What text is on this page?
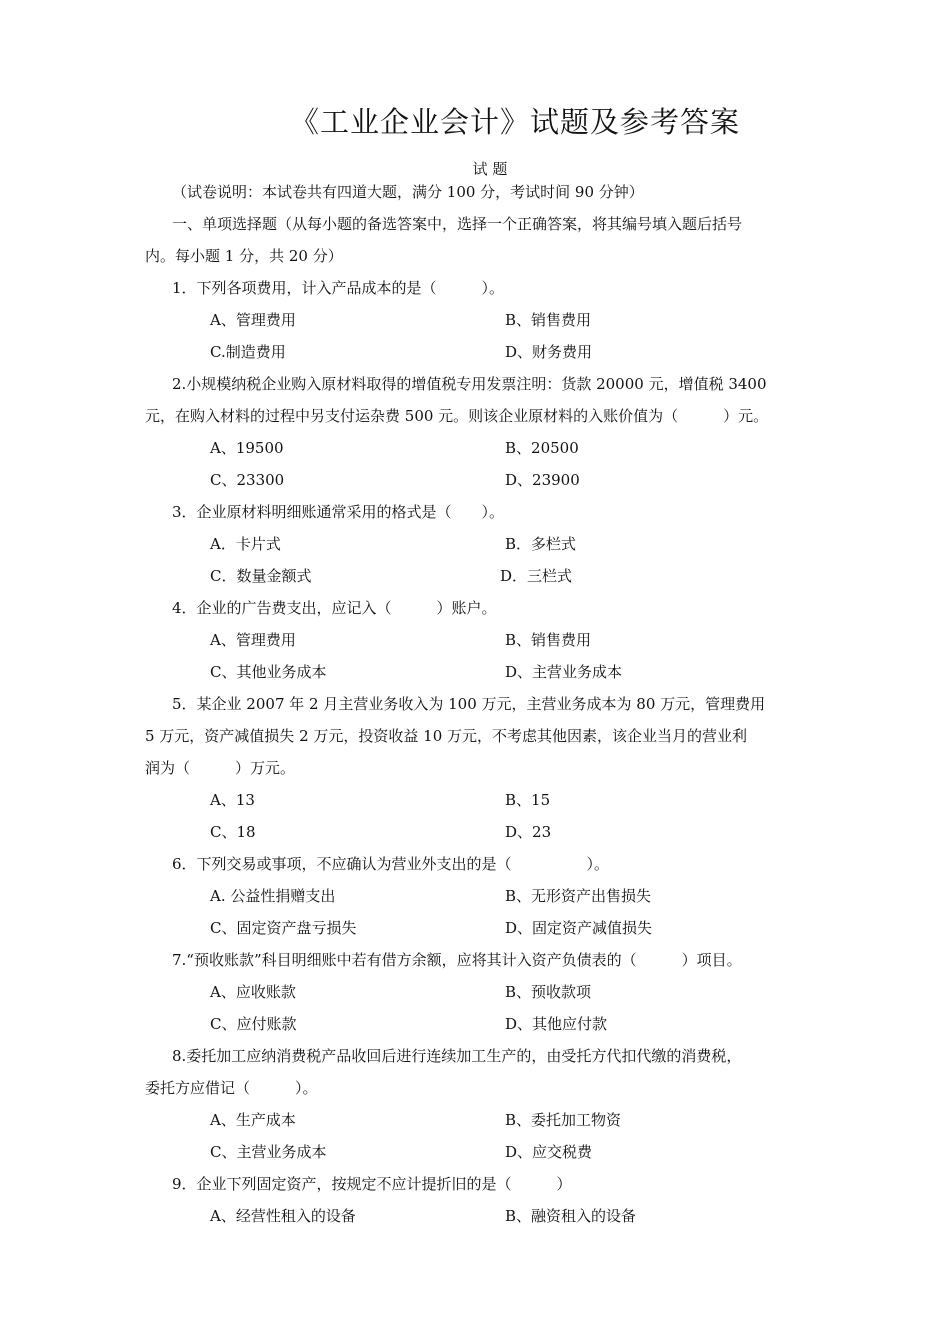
《工业企业会计》试题及参考答案
试 题
（试卷说明：本试卷共有四道大题，满分 100 分，考试时间 90 分钟）
一、单项选择题（从每小题的备选答案中，选择一个正确答案，将其编号填入题后括号
内。每小题 1 分，共 20 分）
1．下列各项费用，计入产品成本的是（　　　）。
A、管理费用	B、销售费用
C.制造费用	D、财务费用
2.小规模纳税企业购入原材料取得的增值税专用发票注明：货款 20000 元，增值税 3400
元，在购入材料的过程中另支付运杂费 500 元。则该企业原材料的入账价值为（　　　）元。
A、19500	B、20500
C、23300	D、23900
3．企业原材料明细账通常采用的格式是（　　）。
A．卡片式	B．多栏式
C．数量金额式	D．三栏式
4．企业的广告费支出，应记入（　　　）账户。
A、管理费用	B、销售费用
C、其他业务成本	D、主营业务成本
5．某企业 2007 年 2 月主营业务收入为 100 万元，主营业务成本为 80 万元，管理费用
5 万元，资产减值损失 2 万元，投资收益 10 万元，不考虑其他因素，该企业当月的营业利
润为（　　　）万元。
A、13	B、15
C、18	D、23
6．下列交易或事项，不应确认为营业外支出的是（　　　　　）。
A. 公益性捐赠支出	B、无形资产出售损失
C、固定资产盘亏损失	D、固定资产减值损失
7.“预收账款”科目明细账中若有借方余额，应将其计入资产负债表的（　　　）项目。
A、应收账款	B、预收款项
C、应付账款	D、其他应付款
8.委托加工应纳消费税产品收回后进行连续加工生产的，由受托方代扣代缴的消费税，
委托方应借记（　　　）。
A、生产成本	B、委托加工物资
C、主营业务成本	D、应交税费
9．企业下列固定资产，按规定不应计提折旧的是（　　　）
A、经营性租入的设备	B、融资租入的设备
